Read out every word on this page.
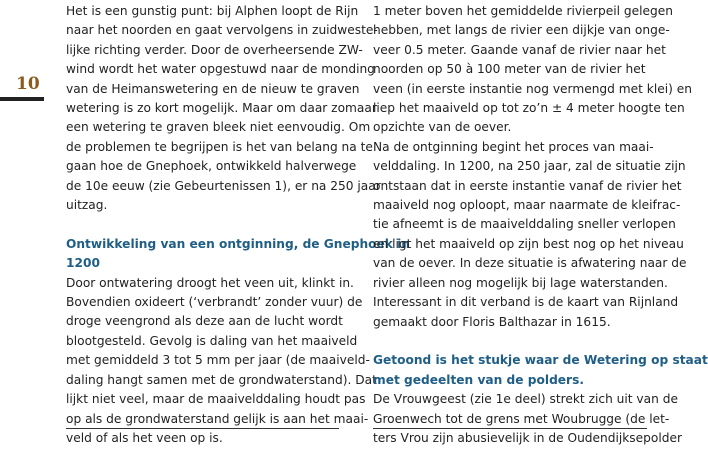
10

Het is een gunstig punt: bij Alphen loopt de Rijn

naar het noorden en gaat vervolgens in zuidweste-

lijke richting verder. Door de overheersende ZW-

wind wordt het water opgestuwd naar de monding

van de Heimanswetering en de nieuw te graven

wetering is zo kort mogelijk. Maar om daar zomaar

een wetering te graven bleek niet eenvoudig. Om

de problemen te begrijpen is het van belang na te

gaan hoe de Gnephoek, ontwikkeld halverwege

de 10e eeuw (zie Gebeurtenissen 1), er na 250 jaar

uitzag.

Ontwikkeling van een ontginning, de Gnephoek in

1200

Door ontwatering droogt het veen uit, klinkt in.

Bovendien oxideert (‘verbrandt’ zonder vuur) de

droge veengrond als deze aan de lucht wordt

blootgesteld. Gevolg is daling van het maaiveld

met gemiddeld 3 tot 5 mm per jaar (de maaiveld-

daling hangt samen met de grondwaterstand). Dat

lijkt niet veel, maar de maaivelddaling houdt pas

op als de grondwaterstand gelijk is aan het maai-

veld of als het veen op is.

1 meter boven het gemiddelde rivierpeil gelegen

hebben, met langs de rivier een dijkje van onge-

veer 0.5 meter. Gaande vanaf de rivier naar het

noorden op 50 à 100 meter van de rivier het

veen (in eerste instantie nog vermengd met klei) en

liep het maaiveld op tot zo’n ± 4 meter hoogte ten

opzichte van de oever.

Na de ontginning begint het proces van maai-

velddaling. In 1200, na 250 jaar, zal de situatie zijn

ontstaan dat in eerste instantie vanaf de rivier het

maaiveld nog oploopt, maar naarmate de kleifrac-

tie afneemt is de maaivelddaling sneller verlopen

en ligt het maaiveld op zijn best nog op het niveau

van de oever. In deze situatie is afwatering naar de

rivier alleen nog mogelijk bij lage waterstanden.

Interessant in dit verband is de kaart van Rijnland

gemaakt door Floris Balthazar in 1615.

Getoond is het stukje waar de Wetering op staat

met gedeelten van de polders.

De Vrouwgeest (zie 1e deel) strekt zich uit van de

Groenwech tot de grens met Woubrugge (de let-

ters Vrou zijn abusievelijk in de Oudendijksepolder
